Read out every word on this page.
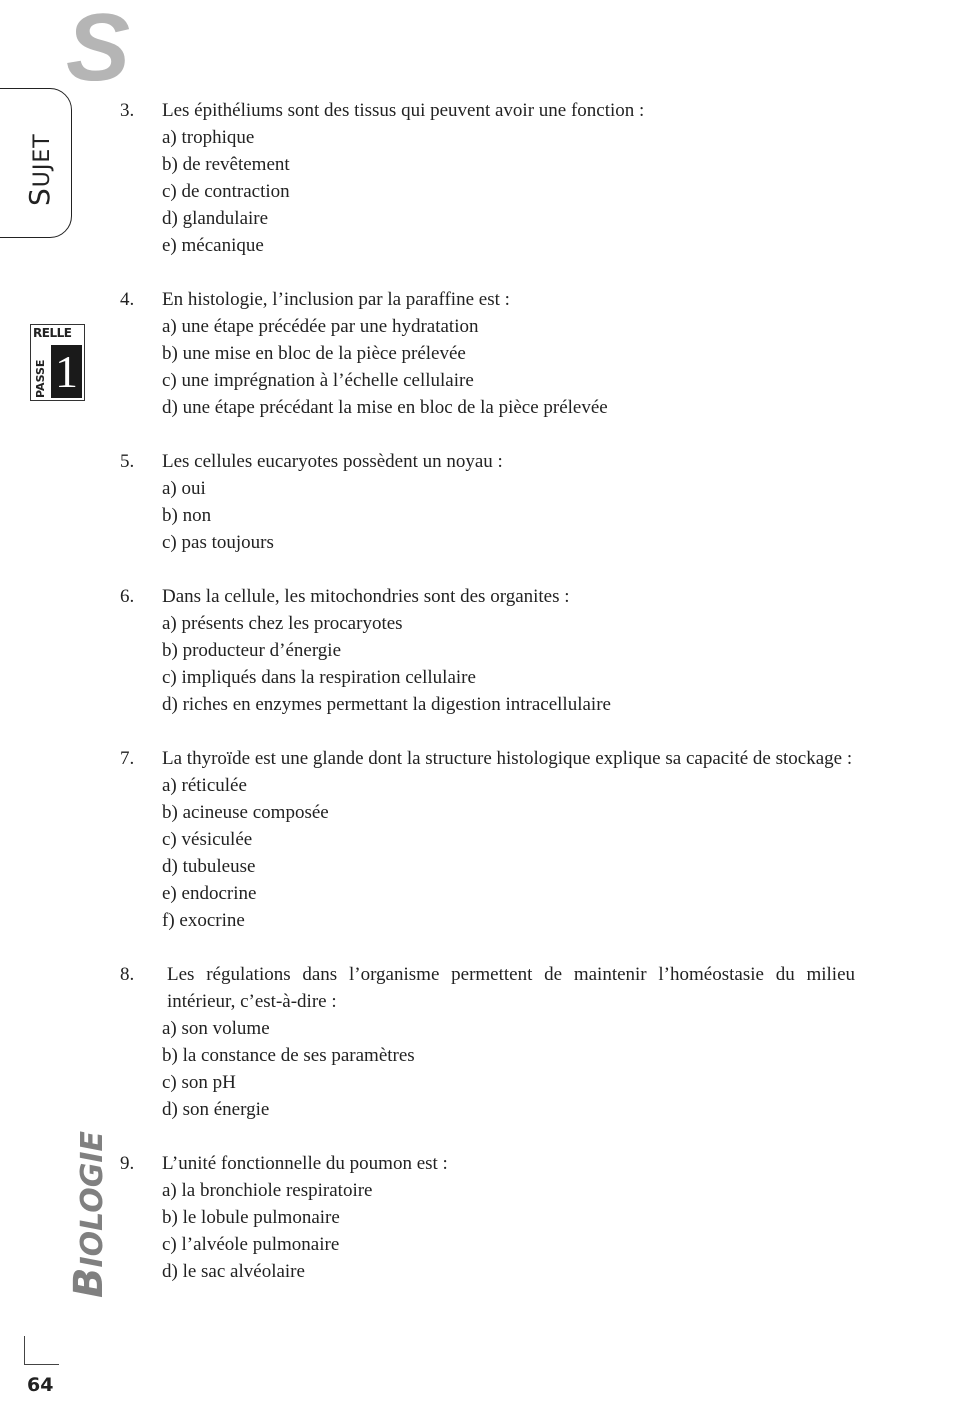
S
SUJET
RELLE
PASSE 1
BIOLOGIE
64
3.	Les épithéliums sont des tissus qui peuvent avoir une fonction :
a) trophique
b) de revêtement
c) de contraction
d) glandulaire
e) mécanique
4.	En histologie, l’inclusion par la paraffine est :
a) une étape précédée par une hydratation
b) une mise en bloc de la pièce prélevée
c) une imprégnation à l’échelle cellulaire
d) une étape précédant la mise en bloc de la pièce prélevée
5.	Les cellules eucaryotes possèdent un noyau :
a) oui
b) non
c) pas toujours
6.	Dans la cellule, les mitochondries sont des organites :
a) présents chez les procaryotes
b) producteur d’énergie
c) impliqués dans la respiration cellulaire
d) riches en enzymes permettant la digestion intracellulaire
7.	La thyroïde est une glande dont la structure histologique explique sa capacité de stockage :
a) réticulée
b) acineuse composée
c) vésiculée
d) tubuleuse
e) endocrine
f) exocrine
8.	Les régulations dans l’organisme permettent de maintenir l’homéostasie du milieu intérieur, c’est-à-dire :
a) son volume
b) la constance de ses paramètres
c) son pH
d) son énergie
9.	L’unité fonctionnelle du poumon est :
a) la bronchiole respiratoire
b) le lobule pulmonaire
c) l’alvéole pulmonaire
d) le sac alvéolaire
